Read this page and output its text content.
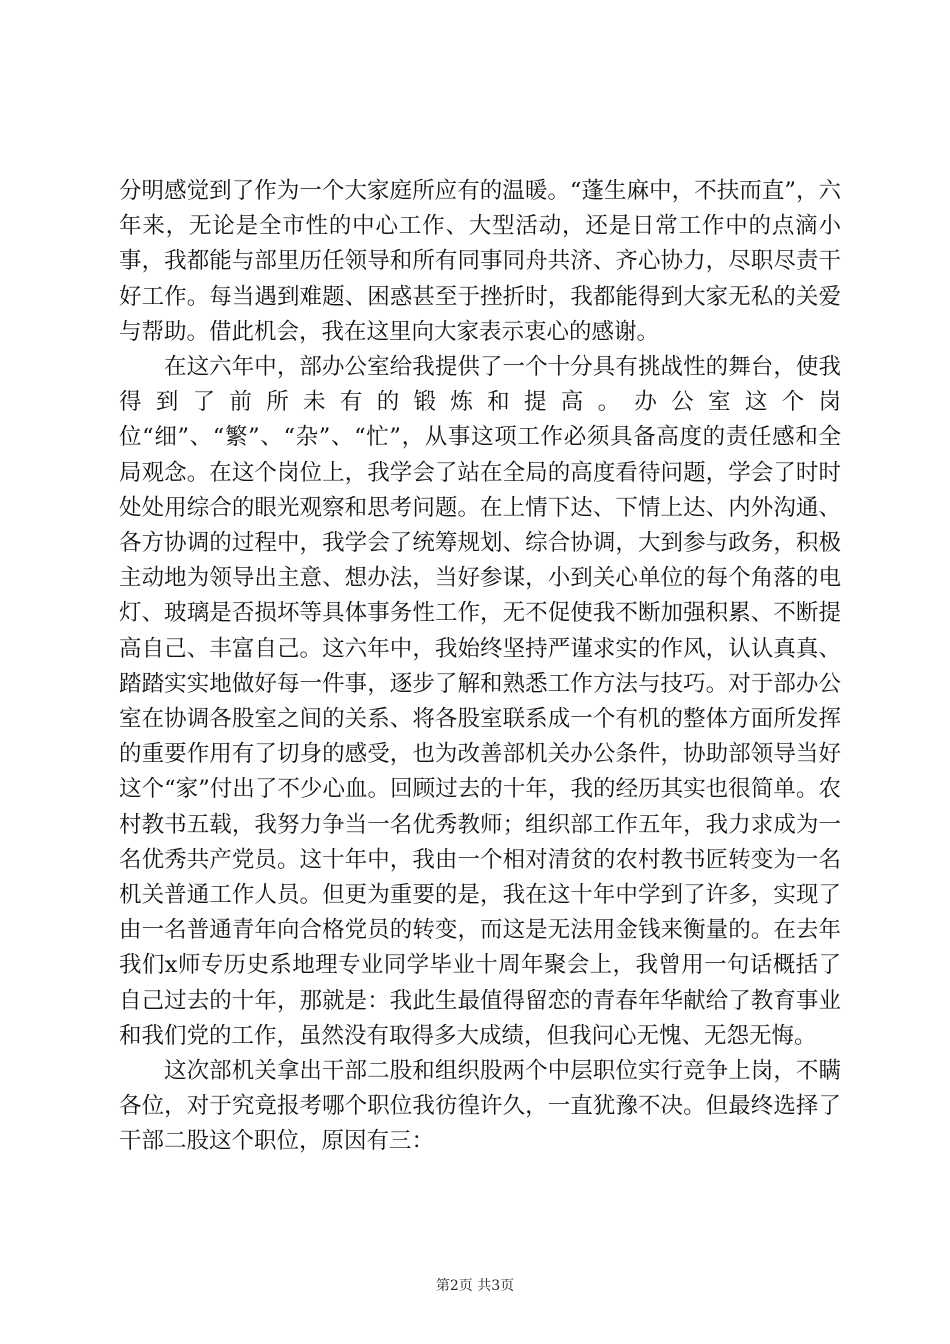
分明感觉到了作为一个大家庭所应有的温暖。“蓬生麻中，不扶而直”，六年来，无论是全市性的中心工作、大型活动，还是日常工作中的点滴小事，我都能与部里历任领导和所有同事同舟共济、齐心协力，尽职尽责干好工作。每当遇到难题、困惑甚至于挫折时，我都能得到大家无私的关爱与帮助。借此机会，我在这里向大家表示衷心的感谢。

在这六年中，部办公室给我提供了一个十分具有挑战性的舞台，使我得到了前所未有的锻炼和提高。办公室这个岗位“细”、“繁”、“杂”、“忙”，从事这项工作必须具备高度的责任感和全局观念。在这个岗位上，我学会了站在全局的高度看待问题，学会了时时处处用综合的眼光观察和思考问题。在上情下达、下情上达、内外沟通、各方协调的过程中，我学会了统筹规划、综合协调，大到参与政务，积极主动地为领导出主意、想办法，当好参谋，小到关心单位的每个角落的电灯、玻璃是否损坏等具体事务性工作，无不促使我不断加强积累、不断提高自己、丰富自己。这六年中，我始终坚持严谨求实的作风，认认真真、踏踏实实地做好每一件事，逐步了解和熟悉工作方法与技巧。对于部办公室在协调各股室之间的关系、将各股室联系成一个有机的整体方面所发挥的重要作用有了切身的感受，也为改善部机关办公条件，协助部领导当好这个“家”付出了不少心血。回顾过去的十年，我的经历其实也很简单。农村教书五载，我努力争当一名优秀教师；组织部工作五年，我力求成为一名优秀共产党员。这十年中，我由一个相对清贫的农村教书匠转变为一名机关普通工作人员。但更为重要的是，我在这十年中学到了许多，实现了由一名普通青年向合格党员的转变，而这是无法用金钱来衡量的。在去年我们x师专历史系地理专业同学毕业十周年聚会上，我曾用一句话概括了自己过去的十年，那就是：我此生最值得留恋的青春年华献给了教育事业和我们党的工作，虽然没有取得多大成绩，但我问心无愧、无怨无悔。

这次部机关拿出干部二股和组织股两个中层职位实行竞争上岗，不瞒各位，对于究竟报考哪个职位我彷徨许久，一直犹豫不决。但最终选择了干部二股这个职位，原因有三：

第2页 共3页
